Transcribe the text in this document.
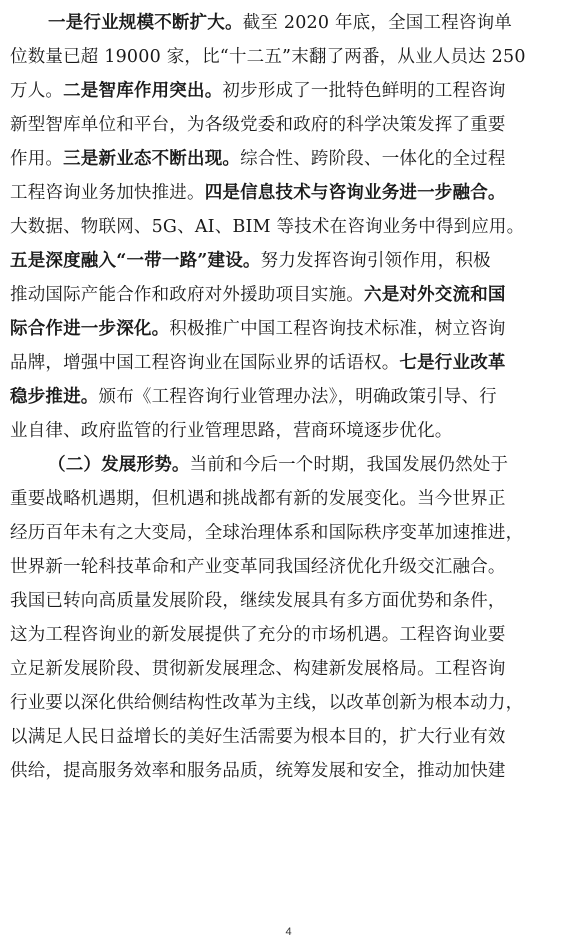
一是行业规模不断扩大。截至 2020 年底，全国工程咨询单
位数量已超 19000 家，比“十二五”末翻了两番，从业人员达 250
万人。二是智库作用突出。初步形成了一批特色鲜明的工程咨询
新型智库单位和平台，为各级党委和政府的科学决策发挥了重要
作用。三是新业态不断出现。综合性、跨阶段、一体化的全过程
工程咨询业务加快推进。四是信息技术与咨询业务进一步融合。
大数据、物联网、5G、AI、BIM 等技术在咨询业务中得到应用。
五是深度融入“一带一路”建设。努力发挥咨询引领作用，积极
推动国际产能合作和政府对外援助项目实施。六是对外交流和国
际合作进一步深化。积极推广中国工程咨询技术标准，树立咨询
品牌，增强中国工程咨询业在国际业界的话语权。七是行业改革
稳步推进。颁布《工程咨询行业管理办法》，明确政策引导、行
业自律、政府监管的行业管理思路，营商环境逐步优化。
（二）发展形势。当前和今后一个时期，我国发展仍然处于
重要战略机遇期，但机遇和挑战都有新的发展变化。当今世界正
经历百年未有之大变局，全球治理体系和国际秩序变革加速推进，
世界新一轮科技革命和产业变革同我国经济优化升级交汇融合。
我国已转向高质量发展阶段，继续发展具有多方面优势和条件，
这为工程咨询业的新发展提供了充分的市场机遇。工程咨询业要
立足新发展阶段、贯彻新发展理念、构建新发展格局。工程咨询
行业要以深化供给侧结构性改革为主线，以改革创新为根本动力，
以满足人民日益增长的美好生活需要为根本目的，扩大行业有效
供给，提高服务效率和服务品质，统筹发展和安全，推动加快建
4
